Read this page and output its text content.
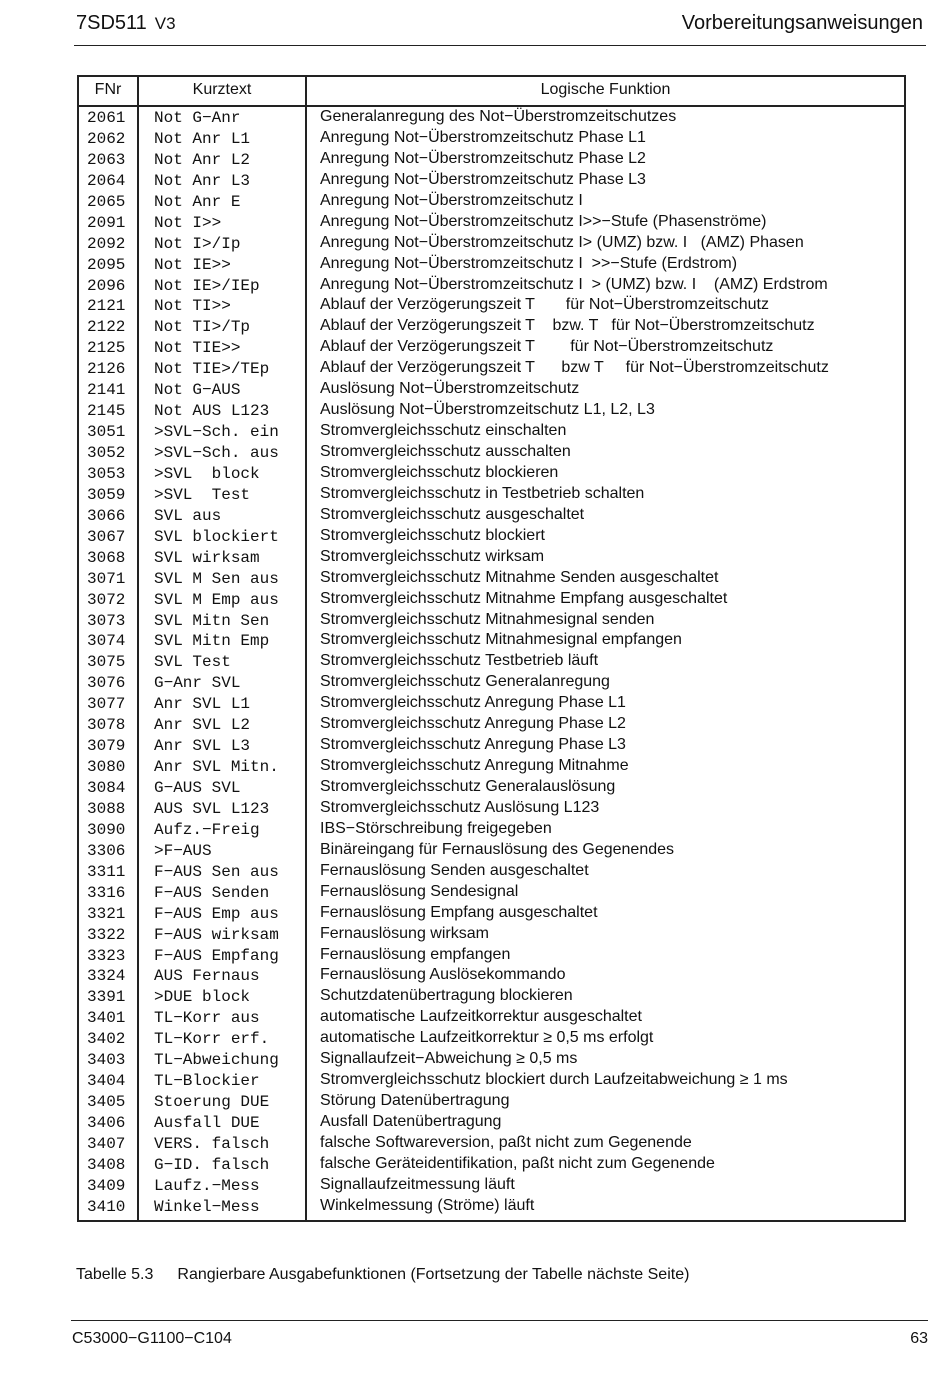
7SD511 V3	Vorbereitungsanweisungen
FNr	Kurztext	Logische Funktion
2061 Not G−Anr	Generalanregung des Not−Überstromzeitschutzes
2062 Not Anr L1	Anregung Not−Überstromzeitschutz Phase L1
2063 Not Anr L2	Anregung Not−Überstromzeitschutz Phase L2
2064 Not Anr L3	Anregung Not−Überstromzeitschutz Phase L3
2065 Not Anr E	Anregung Not−Überstromzeitschutz I
2091 Not I>>	Anregung Not−Überstromzeitschutz I>>−Stufe (Phasenströme)
2092 Not I>/Ip	Anregung Not−Überstromzeitschutz I> (UMZ) bzw. I   (AMZ) Phasen
2095 Not IE>>	Anregung Not−Überstromzeitschutz I  >>−Stufe (Erdstrom)
2096 Not IE>/IEp	Anregung Not−Überstromzeitschutz I  > (UMZ) bzw. I    (AMZ) Erdstrom
2121 Not TI>>	Ablauf der Verzögerungszeit T       für Not−Überstromzeitschutz
2122 Not TI>/Tp	Ablauf der Verzögerungszeit T    bzw. T   für Not−Überstromzeitschutz
2125 Not TIE>>	Ablauf der Verzögerungszeit T        für Not−Überstromzeitschutz
2126 Not TIE>/TEp	Ablauf der Verzögerungszeit T      bzw T     für Not−Überstromzeitschutz
2141 Not G−AUS	Auslösung Not−Überstromzeitschutz
2145 Not AUS L123	Auslösung Not−Überstromzeitschutz L1, L2, L3
3051 >SVL−Sch. ein	Stromvergleichsschutz einschalten
3052 >SVL−Sch. aus	Stromvergleichsschutz ausschalten
3053 >SVL  block	Stromvergleichsschutz blockieren
3059 >SVL  Test	Stromvergleichsschutz in Testbetrieb schalten
3066 SVL aus	Stromvergleichsschutz ausgeschaltet
3067 SVL blockiert	Stromvergleichsschutz blockiert
3068 SVL wirksam	Stromvergleichsschutz wirksam
3071 SVL M Sen aus	Stromvergleichsschutz Mitnahme Senden ausgeschaltet
3072 SVL M Emp aus	Stromvergleichsschutz Mitnahme Empfang ausgeschaltet
3073 SVL Mitn Sen	Stromvergleichsschutz Mitnahmesignal senden
3074 SVL Mitn Emp	Stromvergleichsschutz Mitnahmesignal empfangen
3075 SVL Test	Stromvergleichsschutz Testbetrieb läuft
3076 G−Anr SVL	Stromvergleichsschutz Generalanregung
3077 Anr SVL L1	Stromvergleichsschutz Anregung Phase L1
3078 Anr SVL L2	Stromvergleichsschutz Anregung Phase L2
3079 Anr SVL L3	Stromvergleichsschutz Anregung Phase L3
3080 Anr SVL Mitn.	Stromvergleichsschutz Anregung Mitnahme
3084 G−AUS SVL	Stromvergleichsschutz Generalauslösung
3088 AUS SVL L123	Stromvergleichsschutz Auslösung L123
3090 Aufz.−Freig	IBS−Störschreibung freigegeben
3306 >F−AUS	Binäreingang für Fernauslösung des Gegenendes
3311 F−AUS Sen aus	Fernauslösung Senden ausgeschaltet
3316 F−AUS Senden	Fernauslösung Sendesignal
3321 F−AUS Emp aus	Fernauslösung Empfang ausgeschaltet
3322 F−AUS wirksam	Fernauslösung wirksam
3323 F−AUS Empfang	Fernauslösung empfangen
3324 AUS Fernaus	Fernauslösung Auslösekommando
3391 >DUE block	Schutzdatenübertragung blockieren
3401 TL−Korr aus	automatische Laufzeitkorrektur ausgeschaltet
3402 TL−Korr erf.	automatische Laufzeitkorrektur ≥ 0,5 ms erfolgt
3403 TL−Abweichung	Signallaufzeit−Abweichung ≥ 0,5 ms
3404 TL−Blockier	Stromvergleichsschutz blockiert durch Laufzeitabweichung ≥ 1 ms
3405 Stoerung DUE	Störung Datenübertragung
3406 Ausfall DUE	Ausfall Datenübertragung
3407 VERS. falsch	falsche Softwareversion, paßt nicht zum Gegenende
3408 G−ID. falsch	falsche Geräteidentifikation, paßt nicht zum Gegenende
3409 Laufz.−Mess	Signallaufzeitmessung läuft
3410 Winkel−Mess	Winkelmessung (Ströme) läuft
Tabelle 5.3 Rangierbare Ausgabefunktionen (Fortsetzung der Tabelle nächste Seite)
C53000−G1100−C104	63
